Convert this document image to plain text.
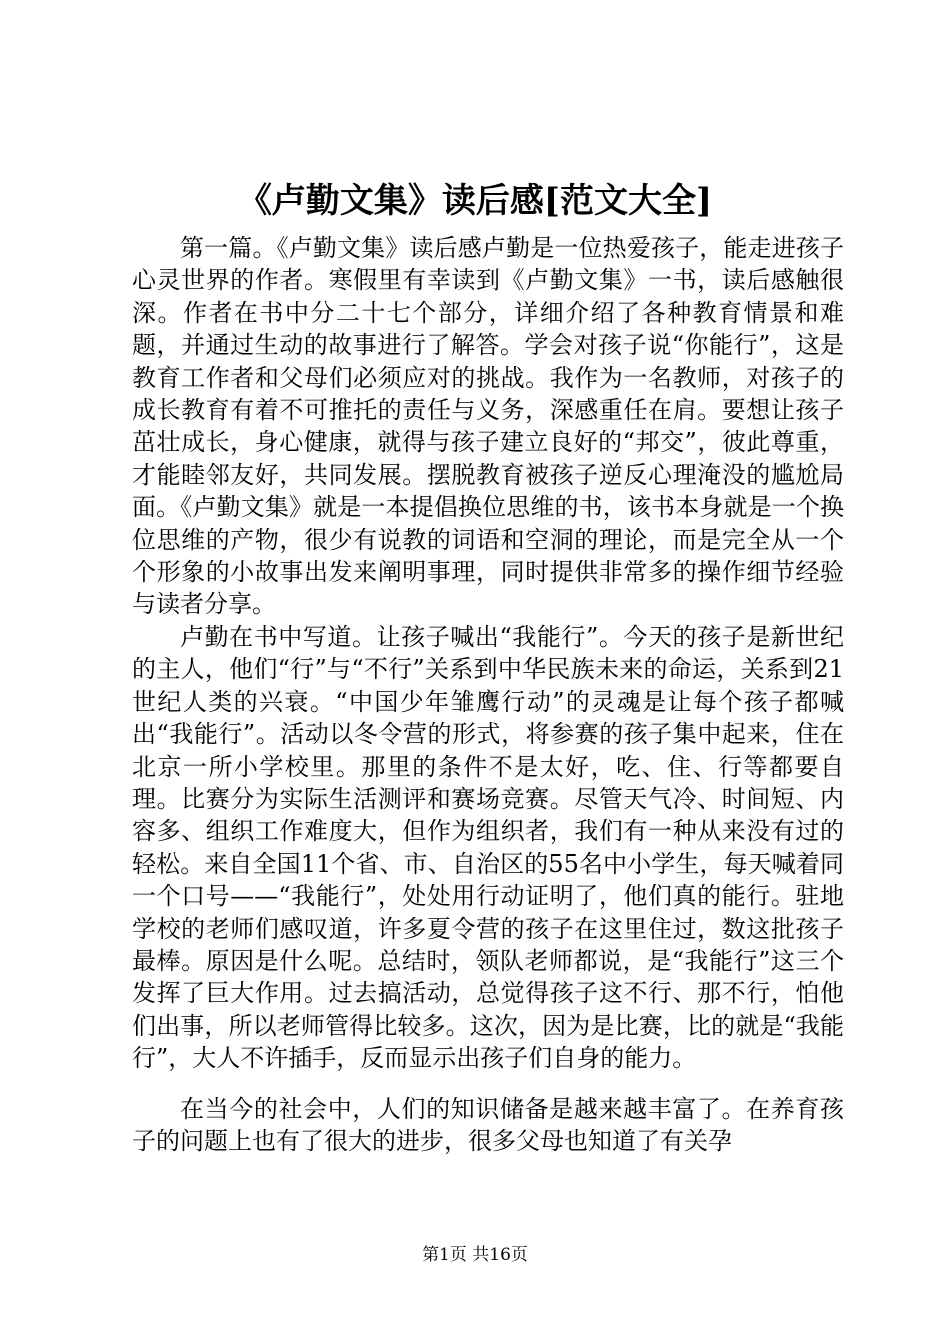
《卢勤文集》读后感[范文大全]

第一篇。《卢勤文集》读后感卢勤是一位热爱孩子，能走进孩子心灵世界的作者。寒假里有幸读到《卢勤文集》一书，读后感触很深。作者在书中分二十七个部分，详细介绍了各种教育情景和难题，并通过生动的故事进行了解答。学会对孩子说“你能行”，这是教育工作者和父母们必须应对的挑战。我作为一名教师，对孩子的成长教育有着不可推托的责任与义务，深感重任在肩。要想让孩子茁壮成长，身心健康，就得与孩子建立良好的“邦交”，彼此尊重，才能睦邻友好，共同发展。摆脱教育被孩子逆反心理淹没的尴尬局面。《卢勤文集》就是一本提倡换位思维的书，该书本身就是一个换位思维的产物，很少有说教的词语和空洞的理论，而是完全从一个个形象的小故事出发来阐明事理，同时提供非常多的操作细节经验与读者分享。

卢勤在书中写道。让孩子喊出“我能行”。今天的孩子是新世纪的主人，他们“行”与“不行”关系到中华民族未来的命运，关系到21世纪人类的兴衰。“中国少年雏鹰行动”的灵魂是让每个孩子都喊出“我能行”。活动以冬令营的形式，将参赛的孩子集中起来，住在北京一所小学校里。那里的条件不是太好，吃、住、行等都要自理。比赛分为实际生活测评和赛场竞赛。尽管天气冷、时间短、内容多、组织工作难度大，但作为组织者，我们有一种从来没有过的轻松。来自全国11个省、市、自治区的55名中小学生，每天喊着同一个口号——“我能行”，处处用行动证明了，他们真的能行。驻地学校的老师们感叹道，许多夏令营的孩子在这里住过，数这批孩子最棒。原因是什么呢。总结时，领队老师都说，是“我能行”这三个发挥了巨大作用。过去搞活动，总觉得孩子这不行、那不行，怕他们出事，所以老师管得比较多。这次，因为是比赛，比的就是“我能行”，大人不许插手，反而显示出孩子们自身的能力。

在当今的社会中，人们的知识储备是越来越丰富了。在养育孩子的问题上也有了很大的进步，很多父母也知道了有关孕

第1页 共16页
